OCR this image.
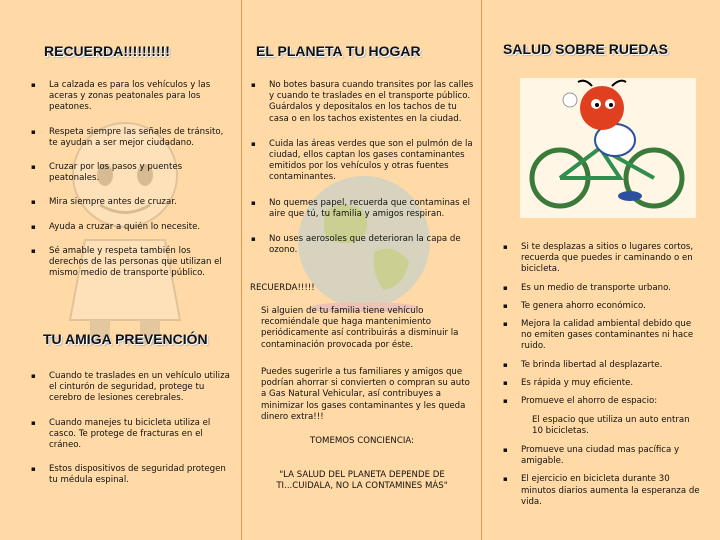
RECUERDA!!!!!!!!!!
▪ La calzada es para los vehículos y las aceras y zonas peatonales para los peatones.
▪ Respeta siempre las señales de tránsito, te ayudan a ser mejor ciudadano.
▪ Cruzar por los pasos y puentes peatonales.
▪ Mira siempre antes de cruzar.
▪ Ayuda a cruzar a quién lo necesite.
▪ Sé amable y respeta también los derechos de las personas que utilizan el mismo medio de transporte público.
TU AMIGA PREVENCIÓN
▪ Cuando te traslades en un vehículo utiliza el cinturón de seguridad, protege tu cerebro de lesiones cerebrales.
▪ Cuando manejes tu bicicleta utiliza el casco. Te protege de fracturas en el cráneo.
▪ Estos dispositivos de seguridad protegen tu médula espinal.
EL PLANETA TU HOGAR
▪ No botes basura cuando transites por las calles y cuando te traslades en el transporte público. Guárdalos y depositalos en los tachos de tu casa o en los tachos existentes en la ciudad.
▪ Cuida las áreas verdes que son el pulmón de la ciudad, ellos captan los gases contaminantes emitidos por los vehículos y otras fuentes contaminantes.
▪ No quemes papel, recuerda que contaminas el aire que tú, tu familia y amigos respiran.
▪ No uses aerosoles que deterioran la capa de ozono.
RECUERDA!!!!!
Si alguien de tu familia tiene vehículo recomiéndale que haga mantenimiento periódicamente así contribuirás a disminuir la contaminación provocada por éste.
Puedes sugerirle a tus familiares y amigos que podrían ahorrar si convierten o compran su auto a Gas Natural Vehicular, así contribuyes a minimizar los gases contaminantes y les queda dinero extra!!!
TOMEMOS CONCIENCIA:
"LA SALUD DEL PLANETA DEPENDE DE TI...CUIDALA, NO LA CONTAMINES MÁS"
SALUD SOBRE RUEDAS
▪ Si te desplazas a sitios o lugares cortos, recuerda que puedes ir caminando o en bicicleta.
▪ Es un medio de transporte urbano.
▪ Te genera ahorro económico.
▪ Mejora la calidad ambiental debido que no emiten gases contaminantes ni hace ruido.
▪ Te brinda libertad al desplazarte.
▪ Es rápida y muy eficiente.
▪ Promueve el ahorro de espacio:
El espacio que utiliza un auto entran 10 bicicletas.
▪ Promueve una ciudad mas pacífica y amigable.
▪ El ejercicio en bicicleta durante 30 minutos diarios aumenta la esperanza de vida.
